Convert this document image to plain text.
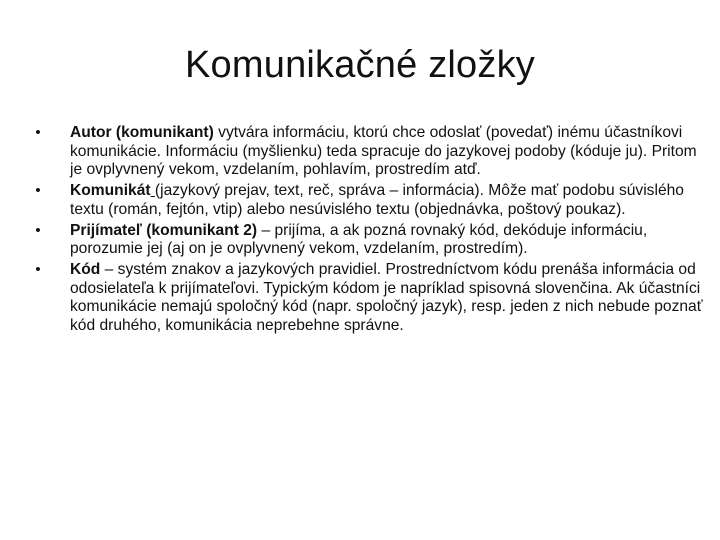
Komunikačné zložky
•	Autor (komunikant) vytvára informáciu, ktorú chce odoslať (povedať) inému účastníkovi komunikácie. Informáciu (myšlienku) teda spracuje do jazykovej podoby (kóduje ju). Pritom je ovplyvnený vekom, vzdelaním, pohlavím, prostredím atď.
•	Komunikát (jazykový prejav, text, reč, správa – informácia). Môže mať podobu súvislého textu (román, fejtón, vtip) alebo nesúvislého textu (objednávka, poštový poukaz).
•	Prijímateľ (komunikant 2) – prijíma, a ak pozná rovnaký kód, dekóduje informáciu, porozumie jej (aj on je ovplyvnený vekom, vzdelaním, prostredím).
•	Kód – systém znakov a jazykových pravidiel. Prostredníctvom kódu prenáša informácia od odosielateľa k prijímateľovi. Typickým kódom je napríklad spisovná slovenčina. Ak účastníci komunikácie nemajú spoločný kód (napr. spoločný jazyk), resp. jeden z nich nebude poznať kód druhého, komunikácia neprebehne správne.
